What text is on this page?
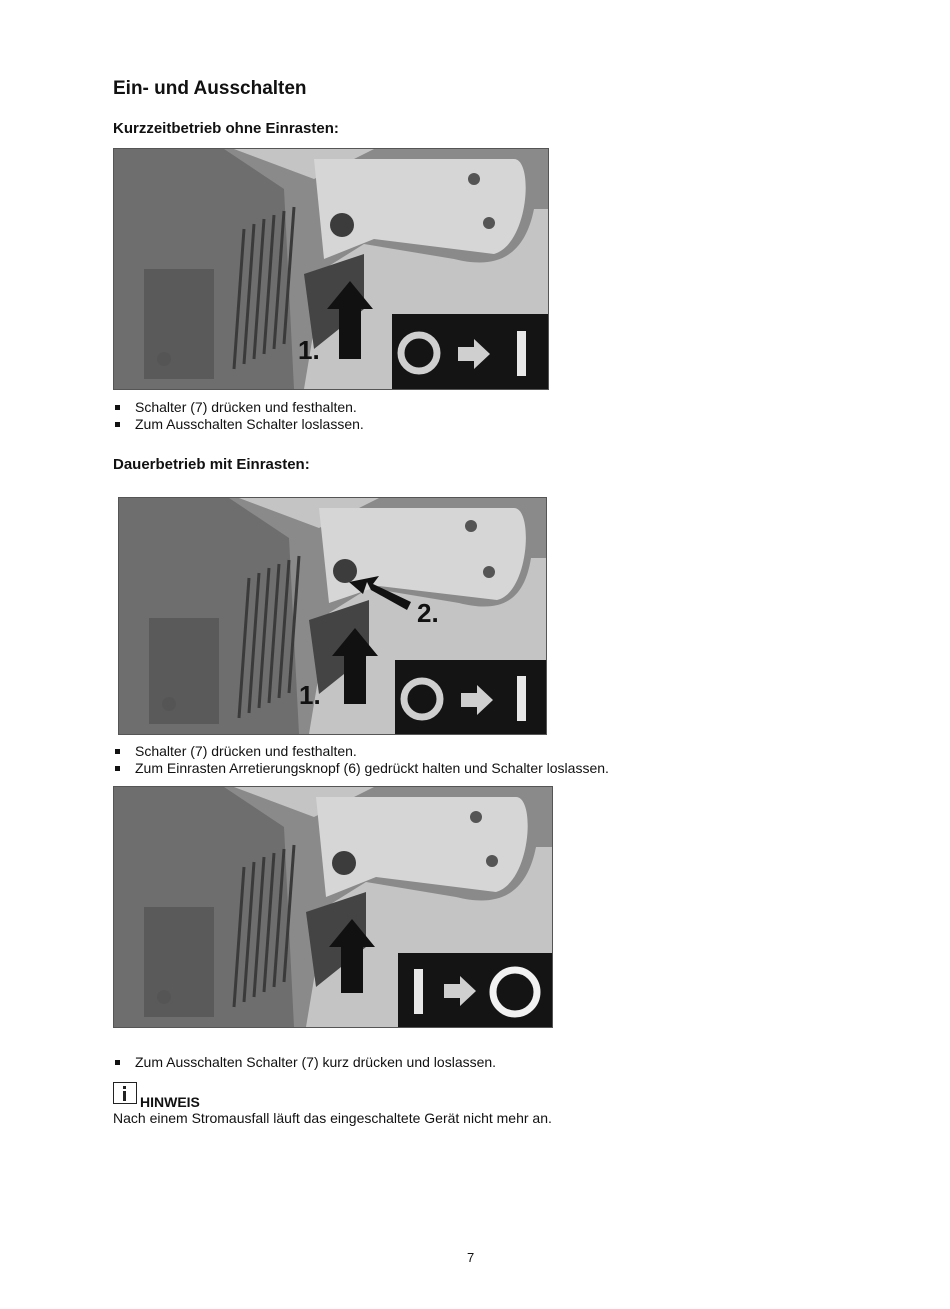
Ein- und Ausschalten
Kurzzeitbetrieb ohne Einrasten:
1.
Schalter (7) drücken und festhalten.
Zum Ausschalten Schalter loslassen.
Dauerbetrieb mit Einrasten:
1.
2.
Schalter (7) drücken und festhalten.
Zum Einrasten Arretierungsknopf (6) gedrückt halten und Schalter loslassen.
Zum Ausschalten Schalter (7) kurz drücken und loslassen.
HINWEIS
Nach einem Stromausfall läuft das eingeschaltete Gerät nicht mehr an.
7
